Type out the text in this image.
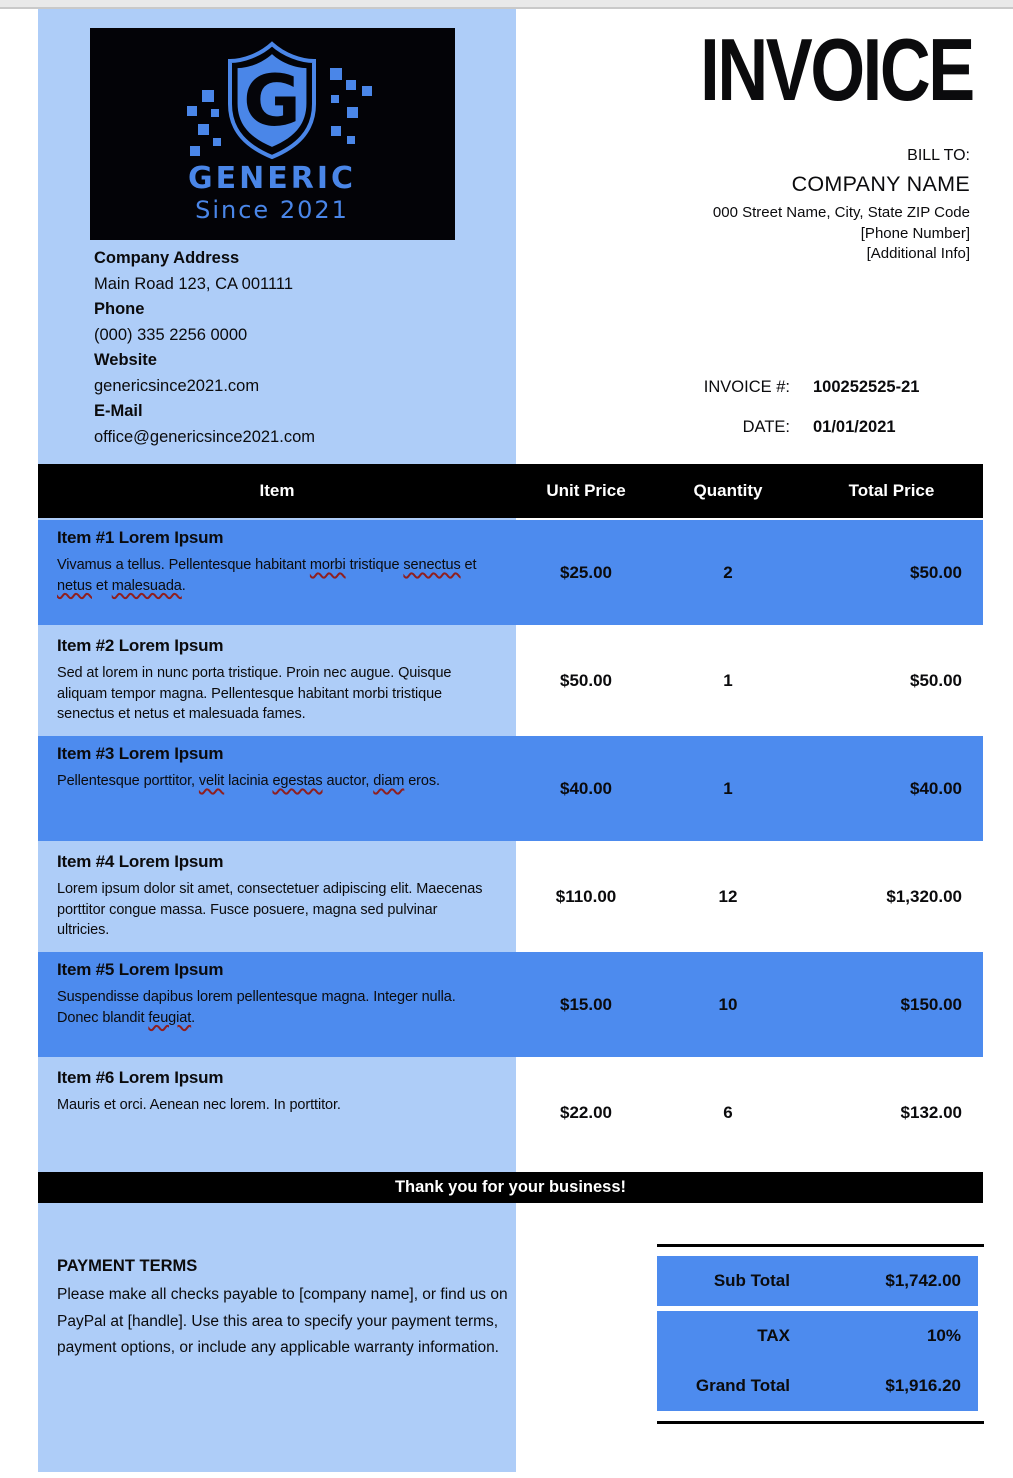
G
GENERIC
Since 2021
Company Address
Main Road 123, CA 001111
Phone
(000) 335 2256 0000
Website
genericsince2021.com
E-Mail
office@genericsince2021.com
INVOICE
BILL TO:
COMPANY NAME
000 Street Name, City, State ZIP Code
[Phone Number]
[Additional Info]
INVOICE #: 100252525-21
DATE: 01/01/2021
Item	Unit Price	Quantity	Total Price
Item #1 Lorem Ipsum
Vivamus a tellus. Pellentesque habitant morbi tristique senectus et netus et malesuada.
$25.00	2	$50.00
Item #2 Lorem Ipsum
Sed at lorem in nunc porta tristique. Proin nec augue. Quisque aliquam tempor magna. Pellentesque habitant morbi tristique senectus et netus et malesuada fames.
$50.00	1	$50.00
Item #3 Lorem Ipsum
Pellentesque porttitor, velit lacinia egestas auctor, diam eros.	$40.00	1	$40.00
Item #4 Lorem Ipsum
Lorem ipsum dolor sit amet, consectetuer adipiscing elit. Maecenas porttitor congue massa. Fusce posuere, magna sed pulvinar ultricies.
$110.00	12	$1,320.00
Item #5 Lorem Ipsum
Suspendisse dapibus lorem pellentesque magna. Integer nulla. Donec blandit feugiat.
$15.00	10	$150.00
Item #6 Lorem Ipsum
Mauris et orci. Aenean nec lorem. In porttitor.	$22.00	6	$132.00
Thank you for your business!
PAYMENT TERMS
Please make all checks payable to [company name], or find us on PayPal at [handle]. Use this area to specify your payment terms, payment options, or include any applicable warranty information.
Sub Total	$1,742.00
TAX	10%
Grand Total	$1,916.20
